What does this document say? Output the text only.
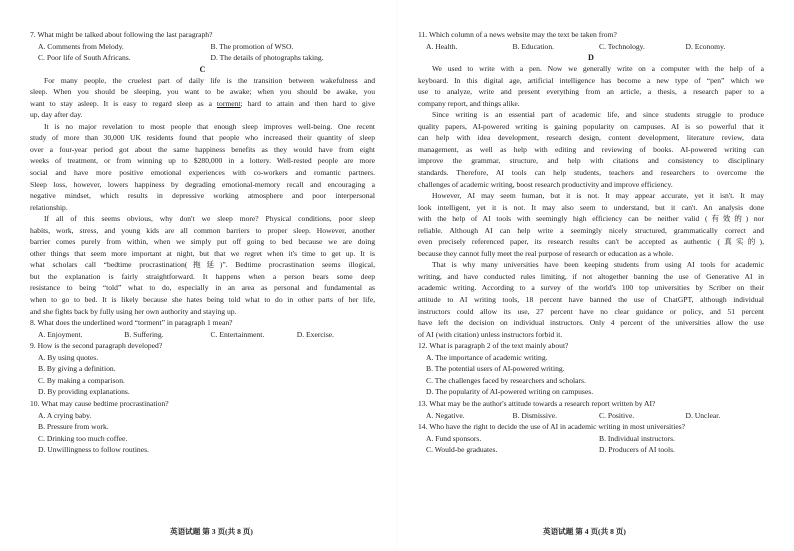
7. What might be talked about following the last paragraph?
A. Comments from Melody.	B. The promotion of WSO.
C. Poor life of South Africans.	D. The details of photographs taking.
C
For many people, the cruelest part of daily life is the transition between wakefulness and
sleep. When you should be sleeping, you want to be awake; when you should be awake, you
want to stay asleep. It is easy to regard sleep as a torment; hard to attain and then hard to give
up, day after day.
It is no major revelation to most people that enough sleep improves well-being. One recent
study of more than 30,000 UK residents found that people who increased their quantity of sleep
over a four-year period got about the same happiness benefits as they would have from eight
weeks of treatment, or from winning up to $280,000 in a lottery. Well-rested people are more
social and have more positive emotional experiences with co-workers and romantic partners.
Sleep loss, however, lowers happiness by degrading emotional-memory recall and encouraging a
negative mindset, which results in depressive working atmosphere and poor interpersonal
relationship.
If all of this seems obvious, why don't we sleep more? Physical conditions, poor sleep
habits, work, stress, and young kids are all common barriers to proper sleep. However, another
barrier comes purely from within, when we simply put off going to bed because we are doing
other things that seem more important at night, but that we regret when it's time to get up. It is
what scholars call “bedtime procrastination(拖延)”. Bedtime procrastination seems illogical,
but the explanation is fairly straightforward. It happens when a person bears some deep
resistance to being “told” what to do, especially in an area as personal and fundamental as
when to go to bed. It is likely because she hates being told what to do in other parts of her life,
and she fights back by fully using her own authority and staying up.
8. What does the underlined word “torment” in paragraph 1 mean?
A. Enjoyment.	B. Suffering.	C. Entertainment.	D. Exercise.
9. How is the second paragraph developed?
A. By using quotes.
B. By giving a definition.
C. By making a comparison.
D. By providing explanations.
10. What may cause bedtime procrastination?
A. A crying baby.
B. Pressure from work.
C. Drinking too much coffee.
D. Unwillingness to follow routines.
英语试题 第 3 页(共 8 页)
11. Which column of a news website may the text be taken from?
A. Health.	B. Education.	C. Technology.	D. Economy.
D
We used to write with a pen. Now we generally write on a computer with the help of a
keyboard. In this digital age, artificial intelligence has become a new type of “pen” which we
use to analyze, write and present everything from an article, a thesis, a research paper to a
company report, and things alike.
Since writing is an essential part of academic life, and since students struggle to produce
quality papers, AI-powered writing is gaining popularity on campuses. AI is so powerful that it
can help with idea development, research design, content development, literature review, data
management, as well as help with editing and reviewing of books. AI-powered writing can
improve the grammar, structure, and help with citations and consistency to disciplinary
standards. Therefore, AI tools can help students, teachers and researchers to overcome the
challenges of academic writing, boost research productivity and improve efficiency.
However, AI may seem human, but it is not. It may appear accurate, yet it isn't. It may
look intelligent, yet it is not. It may also seem to understand, but it can't. An analysis done
with the help of AI tools with seemingly high efficiency can be neither valid (有效的) nor
reliable. Although AI can help write a seemingly nicely structured, grammatically correct and
even precisely referenced paper, its research results can't be accepted as authentic (真实的),
because they cannot fully meet the real purpose of research or education as a whole.
That is why many universities have been keeping students from using AI tools for academic
writing, and have conducted rules limiting, if not altogether banning the use of Generative AI in
academic writing. According to a survey of the world's 100 top universities by Scriber on their
attitude to AI writing tools, 18 percent have banned the use of ChatGPT, although individual
instructors could allow its use, 27 percent have no clear guidance or policy, and 51 percent
have left the decision on individual instructors. Only 4 percent of the universities allow the use
of AI (with citation) unless instructors forbid it.
12. What is paragraph 2 of the text mainly about?
A. The importance of academic writing.
B. The potential users of AI-powered writing.
C. The challenges faced by researchers and scholars.
D. The popularity of AI-powered writing on campuses.
13. What may be the author's attitude towards a research report written by AI?
A. Negative.	B. Dismissive.	C. Positive.	D. Unclear.
14. Who have the right to decide the use of AI in academic writing in most universities?
A. Fund sponsors.	B. Individual instructors.
C. Would-be graduates.	D. Producers of AI tools.
英语试题 第 4 页(共 8 页)
